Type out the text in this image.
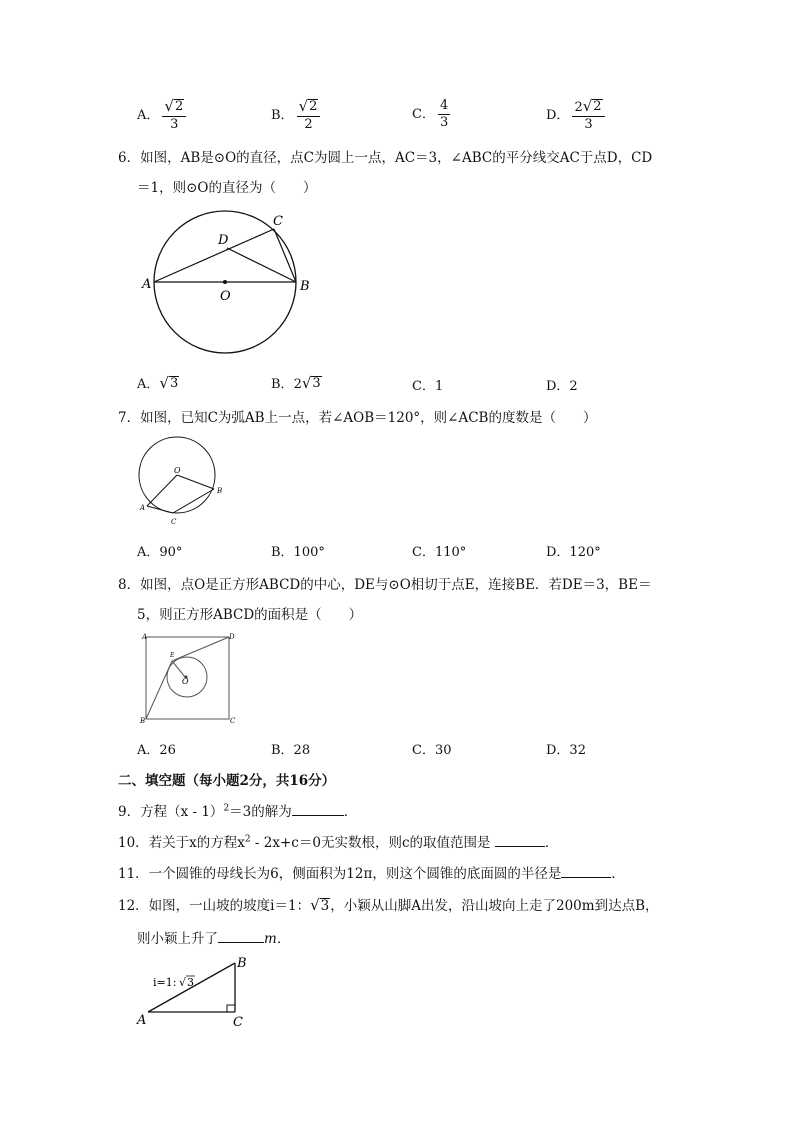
A． $\frac{√ 2}{3}$	B． $\frac{√ 2}{2}$	C． $\frac{4}{3}$	D． $\frac{2 √ 2}{3}$
6．如图，AB是⊙O的直径，点C为圆上一点，AC＝3，∠ABC的平分线交AC于点D，CD
＝1，则⊙O的直径为（　　）
A	B
C
D
O
A． √ 3	B．2 √ 3	C．1	D．2
7．如图，已知C为弧AB上一点，若∠AOB＝120°，则∠ACB的度数是（　　）
O
A
B
C
A．90°	B．100°	C．110°	D．120°
8．如图，点O是正方形ABCD的中心，DE与⊙O相切于点E，连接BE．若DE＝3，BE＝
5，则正方形ABCD的面积是（　　）
A
B	C
D
E
O
A．26	B．28	C．30	D．32
二、填空题（每小题2分，共16分）
9．方程（x - 1）$^2$＝3的解为	．
10．若关于x的方程$x^2 - 2x+c=0$无实数根，则c的取值范围是	．
11．一个圆锥的母线长为6，侧面积为12π，则这个圆锥的底面圆的半径是	．
12．如图，一山坡的坡度i＝1： √ 3 ，小颖从山脚A出发，沿山坡向上走了200m到达点B，
则小颖上升了	m．
i=1: √ 3
A
B
C
